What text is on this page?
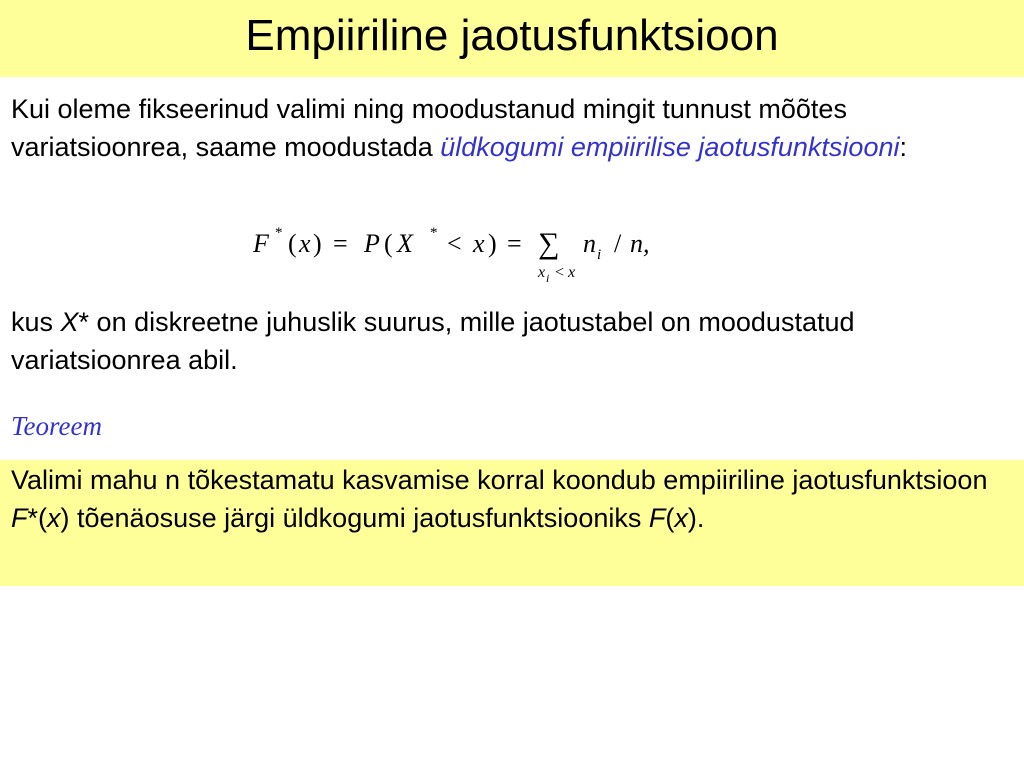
Empiiriline jaotusfunktsioon

Kui oleme fikseerinud valimi ning moodustanud mingit tunnust mõõtes variatsioonrea, saame moodustada üldkogumi empiirilise jaotusfunktsiooni:

F * ( x ) = P ( X * < x ) = ∑ n i / n,
x i < x

kus X* on diskreetne juhuslik suurus, mille jaotustabel on moodustatud variatsioonrea abil.

Teoreem

Valimi mahu n tõkestamatu kasvamise korral koondub empiiriline jaotusfunktsioon F*(x) tõenäosuse järgi üldkogumi jaotusfunktsiooniks F(x).
